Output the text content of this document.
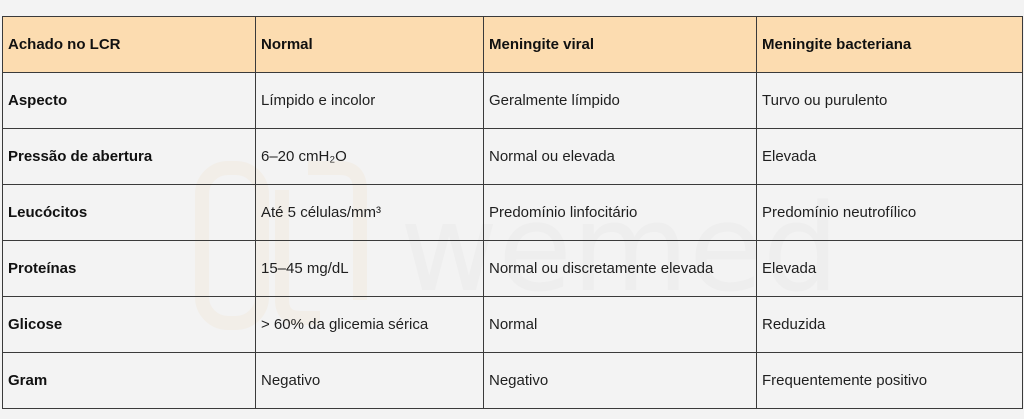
Achado no LCR	Normal	Meningite viral	Meningite bacteriana
Aspecto	Límpido e incolor	Geralmente límpido	Turvo ou purulento
Pressão de abertura	6–20 cmH₂O	Normal ou elevada	Elevada
Leucócitos	Até 5 células/mm³	Predomínio linfocitário	Predomínio neutrofílico
Proteínas	15–45 mg/dL	Normal ou discretamente elevada	Elevada
Glicose	> 60% da glicemia sérica	Normal	Reduzida
Gram	Negativo	Negativo	Frequentemente positivo
